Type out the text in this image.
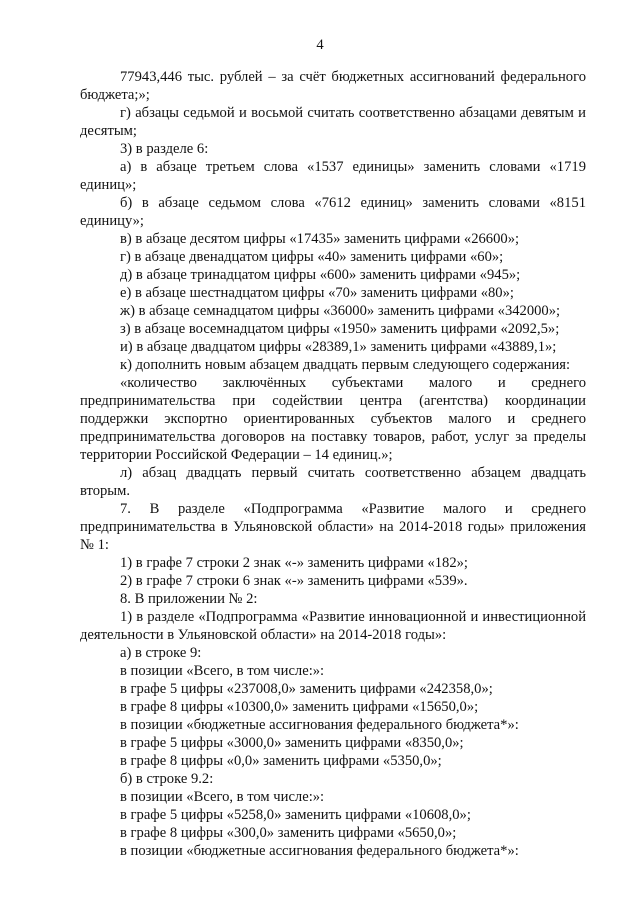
4

77943,446 тыс. рублей – за счёт бюджетных ассигнований федерального бюджета;»;

г) абзацы седьмой и восьмой считать соответственно абзацами девятым и десятым;

3) в разделе 6:

а) в абзаце третьем слова «1537 единицы» заменить словами «1719 единиц»;

б) в абзаце седьмом слова «7612 единиц» заменить словами «8151 единицу»;

в) в абзаце десятом цифры «17435» заменить цифрами «26600»;

г) в абзаце двенадцатом цифры «40» заменить цифрами «60»;

д) в абзаце тринадцатом цифры «600» заменить цифрами «945»;

е) в абзаце шестнадцатом цифры «70» заменить цифрами «80»;

ж) в абзаце семнадцатом цифры «36000» заменить цифрами «342000»;

з) в абзаце восемнадцатом цифры «1950» заменить цифрами «2092,5»;

и) в абзаце двадцатом цифры «28389,1» заменить цифрами «43889,1»;

к) дополнить новым абзацем двадцать первым следующего содержания:

«количество заключённых субъектами малого и среднего предпринимательства при содействии центра (агентства) координации поддержки экспортно ориентированных субъектов малого и среднего предпринимательства договоров на поставку товаров, работ, услуг за пределы территории Российской Федерации – 14 единиц.»;

л) абзац двадцать первый считать соответственно абзацем двадцать вторым.

7. В разделе «Подпрограмма «Развитие малого и среднего предпринимательства в Ульяновской области» на 2014-2018 годы» приложения № 1:

1) в графе 7 строки 2 знак «-» заменить цифрами «182»;

2) в графе 7 строки 6 знак «-» заменить цифрами «539».

8. В приложении № 2:

1) в разделе «Подпрограмма «Развитие инновационной и инвестиционной деятельности в Ульяновской области» на 2014-2018 годы»:

а) в строке 9:

в позиции «Всего, в том числе:»:

в графе 5 цифры «237008,0» заменить цифрами «242358,0»;

в графе 8 цифры «10300,0» заменить цифрами «15650,0»;

в позиции «бюджетные ассигнования федерального бюджета*»:

в графе 5 цифры «3000,0» заменить цифрами «8350,0»;

в графе 8 цифры «0,0» заменить цифрами «5350,0»;

б) в строке 9.2:

в позиции «Всего, в том числе:»:

в графе 5 цифры «5258,0» заменить цифрами «10608,0»;

в графе 8 цифры «300,0» заменить цифрами «5650,0»;

в позиции «бюджетные ассигнования федерального бюджета*»:
